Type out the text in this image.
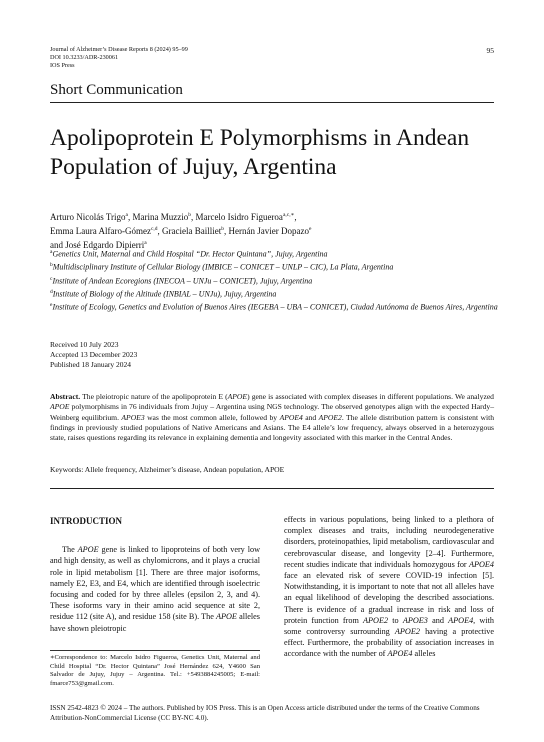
Journal of Alzheimer’s Disease Reports 8 (2024) 95–99
DOI 10.3233/ADR-230061
IOS Press
95
Short Communication
Apolipoprotein E Polymorphisms in Andean Population of Jujuy, Argentina
Arturo Nicolás Trigo$^a$, Marina Muzzio$^b$, Marcelo Isidro Figueroa$^{a,c,∗}$,
Emma Laura Alfaro-Gómez$^{c,d}$, Graciela Bailliet$^b$, Hernán Javier Dopazo$^e$
and José Edgardo Dipierri$^a$
$^a$Genetics Unit, Maternal and Child Hospital “Dr. Hector Quintana”, Jujuy, Argentina
$^b$Multidisciplinary Institute of Cellular Biology (IMBICE – CONICET – UNLP – CIC), La Plata, Argentina
$^c$Institute of Andean Ecoregions (INECOA – UNJu – CONICET), Jujuy, Argentina
$^d$Institute of Biology of the Altitude (INBIAL – UNJu), Jujuy, Argentina
$^e$Institute of Ecology, Genetics and Evolution of Buenos Aires (IEGEBA – UBA – CONICET), Ciudad Autónoma de Buenos Aires, Argentina
Received 10 July 2023
Accepted 13 December 2023
Published 18 January 2024
Abstract. The pleiotropic nature of the apolipoprotein E (APOE) gene is associated with complex diseases in different populations. We analyzed APOE polymorphisms in 76 individuals from Jujuy – Argentina using NGS technology. The observed genotypes align with the expected Hardy–Weinberg equilibrium. APOE3 was the most common allele, followed by APOE4 and APOE2. The allele distribution pattern is consistent with findings in previously studied populations of Native Americans and Asians. The E4 allele’s low frequency, always observed in a heterozygous state, raises questions regarding its relevance in explaining dementia and longevity associated with this marker in the Central Andes.
Keywords: Allele frequency, Alzheimer’s disease, Andean population, APOE

INTRODUCTION

The APOE gene is linked to lipoproteins of both very low and high density, as well as chylomicrons, and it plays a crucial role in lipid metabolism [1]. There are three major isoforms, namely E2, E3, and E4, which are identified through isoelectric focusing and coded for by three alleles (epsilon 2, 3, and 4). These isoforms vary in their amino acid sequence at site 2, residue 112 (site A), and residue 158 (site B). The APOE alleles have shown pleiotropic

effects in various populations, being linked to a plethora of complex diseases and traits, including neurodegenerative disorders, proteinopathies, lipid metabolism, cardiovascular and cerebrovascular disease, and longevity [2–4]. Furthermore, recent studies indicate that individuals homozygous for APOE4 face an elevated risk of severe COVID-19 infection [5]. Notwithstanding, it is important to note that not all alleles have an equal likelihood of developing the described associations. There is evidence of a gradual increase in risk and loss of protein function from APOE2 to APOE3 and APOE4, with some controversy surrounding APOE2 having a protective effect. Furthermore, the probability of association increases in accordance with the number of APOE4 alleles

∗Correspondence to: Marcelo Isidro Figueroa, Genetics Unit, Maternal and Child Hospital “Dr. Hector Quintana” José Hernández 624, Y4600 San Salvador de Jujuy, Jujuy – Argentina. Tel.: +5493884245005; E-mail: fmarce753@gmail.com.
ISSN 2542-4823 © 2024 – The authors. Published by IOS Press. This is an Open Access article distributed under the terms of the Creative Commons Attribution-NonCommercial License (CC BY-NC 4.0).
